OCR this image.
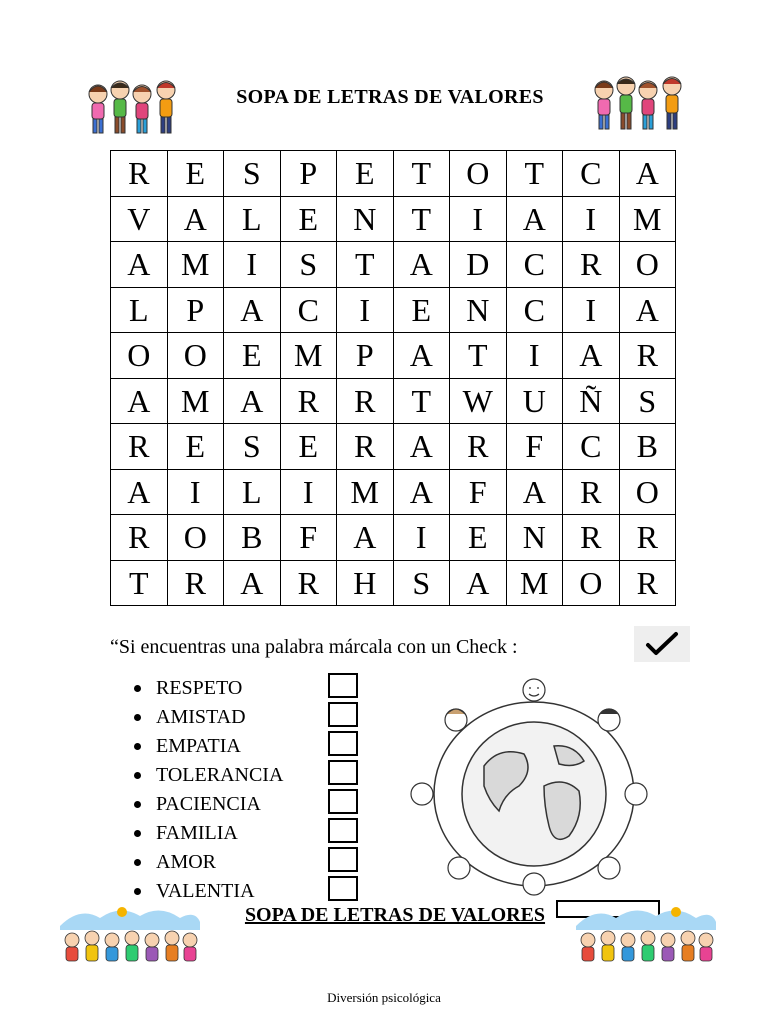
SOPA DE LETRAS DE VALORES
R	E	S	P	E	T	O	T	C	A
V	A	L	E	N	T	I	A	I	M
A	M	I	S	T	A	D	C	R	O
L	P	A	C	I	E	N	C	I	A
O	O	E	M	P	A	T	I	A	R
A	M	A	R	R	T	W	U	Ñ	S
R	E	S	E	R	A	R	F	C	B
A	I	L	I	M	A	F	A	R	O
R	O	B	F	A	I	E	N	R	R
T	R	A	R	H	S	A	M	O	R
“Si encuentras una palabra márcala con un Check :
RESPETO
AMISTAD
EMPATIA
TOLERANCIA
PACIENCIA
FAMILIA
AMOR
VALENTIA
SOPA DE LETRAS DE VALORES
Diversión psicológica
